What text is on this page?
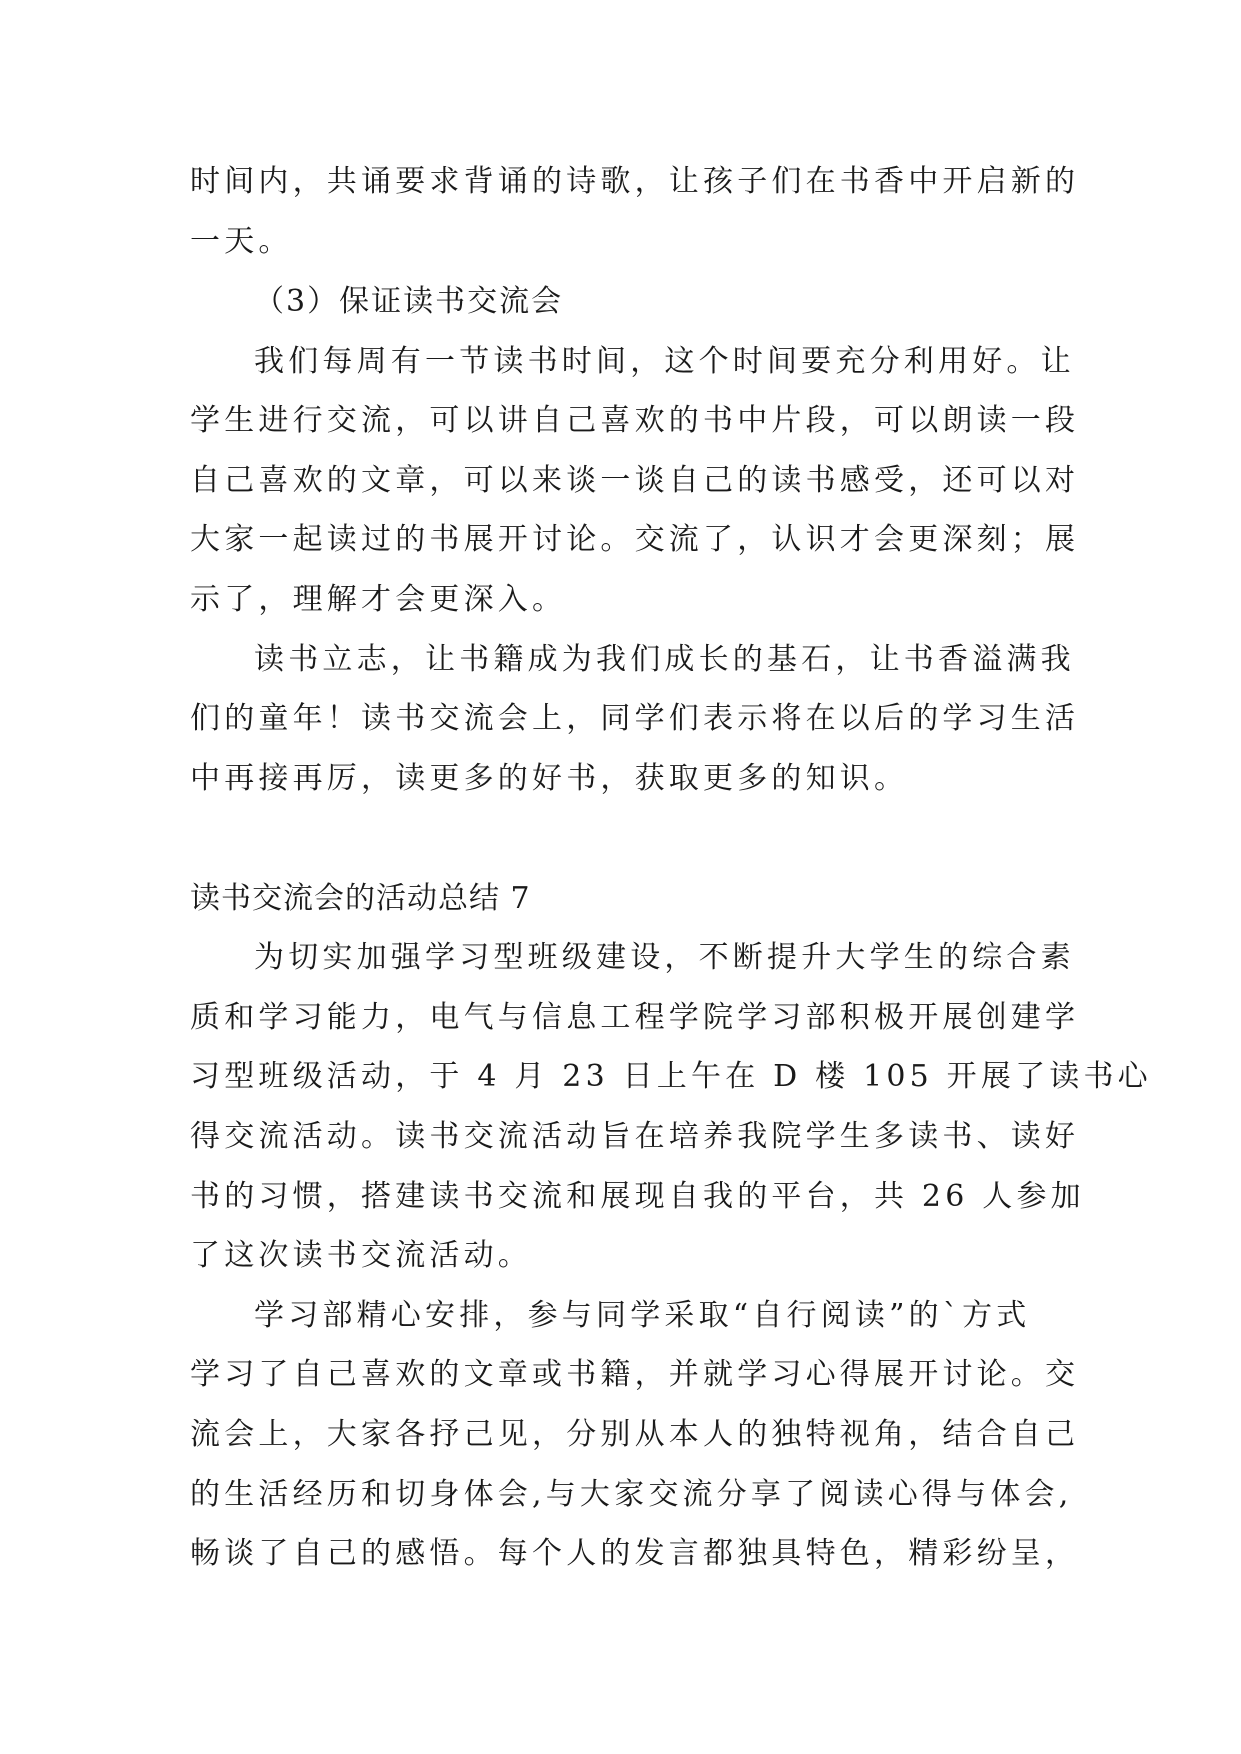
时间内，共诵要求背诵的诗歌，让孩子们在书香中开启新的
一天。
（3）保证读书交流会
我们每周有一节读书时间，这个时间要充分利用好。让
学生进行交流，可以讲自己喜欢的书中片段，可以朗读一段
自己喜欢的文章，可以来谈一谈自己的读书感受，还可以对
大家一起读过的书展开讨论。交流了，认识才会更深刻；展
示了，理解才会更深入。
读书立志，让书籍成为我们成长的基石，让书香溢满我
们的童年！读书交流会上，同学们表示将在以后的学习生活
中再接再厉，读更多的好书，获取更多的知识。
读书交流会的活动总结 7
为切实加强学习型班级建设，不断提升大学生的综合素
质和学习能力，电气与信息工程学院学习部积极开展创建学
习型班级活动，于 4 月 23 日上午在 D 楼 105 开展了读书心
得交流活动。读书交流活动旨在培养我院学生多读书、读好
书的习惯，搭建读书交流和展现自我的平台，共 26 人参加
了这次读书交流活动。
学习部精心安排，参与同学采取“自行阅读”的`方式
学习了自己喜欢的文章或书籍，并就学习心得展开讨论。交
流会上，大家各抒己见，分别从本人的独特视角，结合自己
的生活经历和切身体会,与大家交流分享了阅读心得与体会,
畅谈了自己的感悟。每个人的发言都独具特色，精彩纷呈，
